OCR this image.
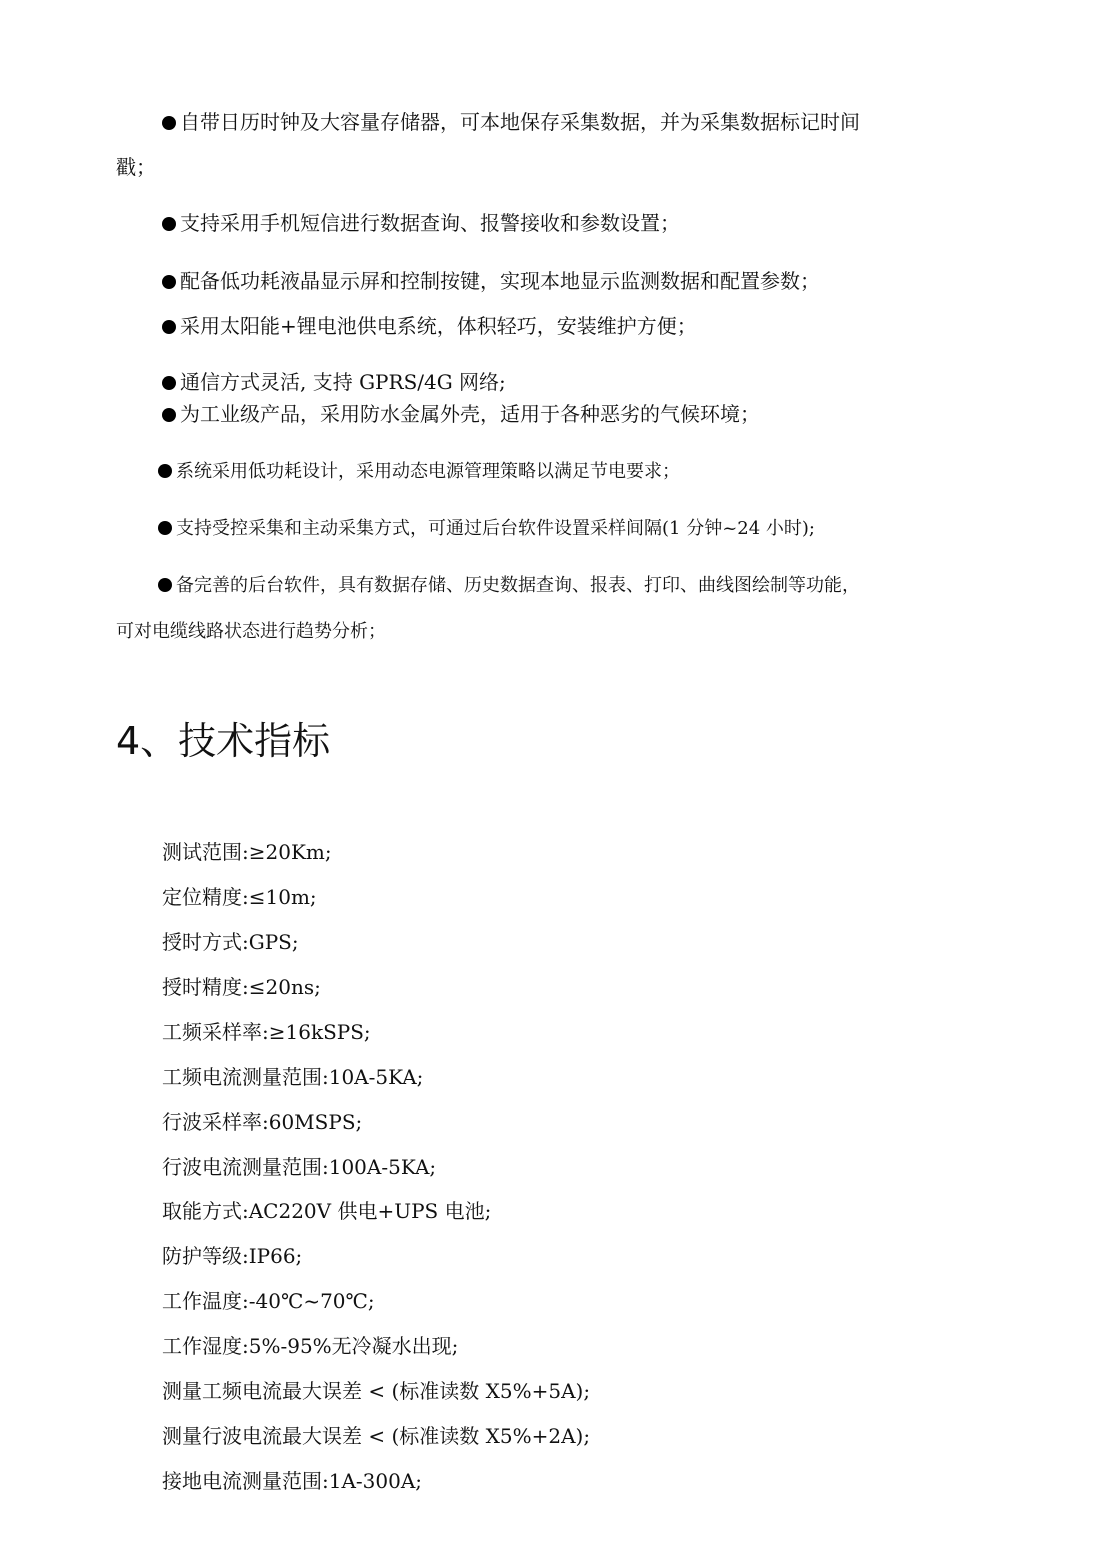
自带日历时钟及大容量存储器，可本地保存采集数据，并为采集数据标记时间
戳；
支持采用手机短信进行数据查询、报警接收和参数设置；
配备低功耗液晶显示屏和控制按键，实现本地显示监测数据和配置参数；
采用太阳能+锂电池供电系统，体积轻巧，安装维护方便；
通信方式灵活, 支持 GPRS/4G 网络;
为工业级产品，采用防水金属外壳，适用于各种恶劣的气候环境；
系统采用低功耗设计，采用动态电源管理策略以满足节电要求；
支持受控采集和主动采集方式，可通过后台软件设置采样间隔(1 分钟~24 小时);
备完善的后台软件，具有数据存储、历史数据查询、报表、打印、曲线图绘制等功能，
可对电缆线路状态进行趋势分析；
4、技术指标
测试范围:≥20Km;
定位精度:≤10m;
授时方式:GPS;
授时精度:≤20ns;
工频采样率:≥16kSPS;
工频电流测量范围:10A-5KA;
行波采样率:60MSPS;
行波电流测量范围:100A-5KA;
取能方式:AC220V 供电+UPS 电池;
防护等级:IP66;
工作温度:-40℃~70℃;
工作湿度:5%-95%无冷凝水出现;
测量工频电流最大误差 < (标准读数 X5%+5A);
测量行波电流最大误差 < (标准读数 X5%+2A);
接地电流测量范围:1A-300A;
